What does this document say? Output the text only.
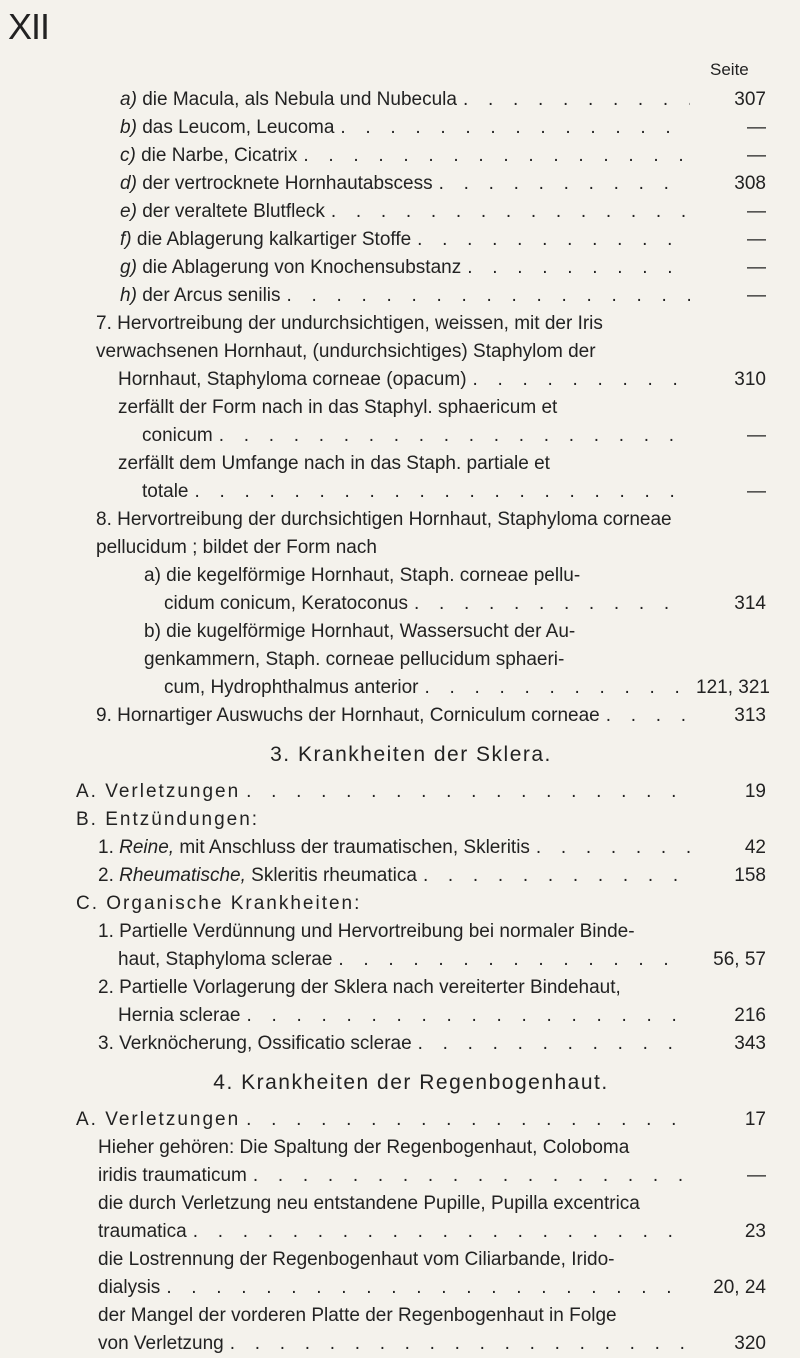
XII
Seite
a) die Macula, als Nebula und Nubecula . . .	307
b) das Leucom, Leucoma . . .	—
c) die Narbe, Cicatrix . . .	—
d) der vertrocknete Hornhautabscess . . .	308
e) der veraltete Blutfleck . . .	—
f) die Ablagerung kalkartiger Stoffe . . .	—
g) die Ablagerung von Knochensubstanz . . .	—
h) der Arcus senilis . . .	—
7. Hervortreibung der undurchsichtigen, weissen, mit der Iris verwachsenen Hornhaut, (undurchsichtiges) Staphylom der
Hornhaut, Staphyloma corneae (opacum) . . .	310
zerfällt der Form nach in das Staphyl. sphaericum et
conicum . . .	—
zerfällt dem Umfange nach in das Staph. partiale et
totale . . .	—
8. Hervortreibung der durchsichtigen Hornhaut, Staphyloma corneae pellucidum ; bildet der Form nach
a) die kegelförmige Hornhaut, Staph. corneae pellu-
cidum conicum, Keratoconus . . .	314
b) die kugelförmige Hornhaut, Wassersucht der Au- genkammern, Staph. corneae pellucidum sphaeri-
cum, Hydrophthalmus anterior . . .	121, 321
9. Hornartiger Auswuchs der Hornhaut, Corniculum corneae . . .	313
3. Krankheiten der Sklera.
A. Verletzungen . . .	19
B. Entzündungen:
1. Reine, mit Anschluss der traumatischen, Skleritis . . .	42
2. Rheumatische, Skleritis rheumatica . . .	158
C. Organische Krankheiten:
1. Partielle Verdünnung und Hervortreibung bei normaler Binde-
haut, Staphyloma sclerae . . .	56, 57
2. Partielle Vorlagerung der Sklera nach vereiterter Bindehaut,
Hernia sclerae . . .	216
3. Verknöcherung, Ossificatio sclerae . . .	343
4. Krankheiten der Regenbogenhaut.
A. Verletzungen . . .	17
Hieher gehören: Die Spaltung der Regenbogenhaut, Coloboma
iridis traumaticum . . .	—
die durch Verletzung neu entstandene Pupille, Pupilla excentrica
traumatica . . .	23
die Lostrennung der Regenbogenhaut vom Ciliarbande, Irido-
dialysis . . .	20, 24
der Mangel der vorderen Platte der Regenbogenhaut in Folge
von Verletzung . . .	320
